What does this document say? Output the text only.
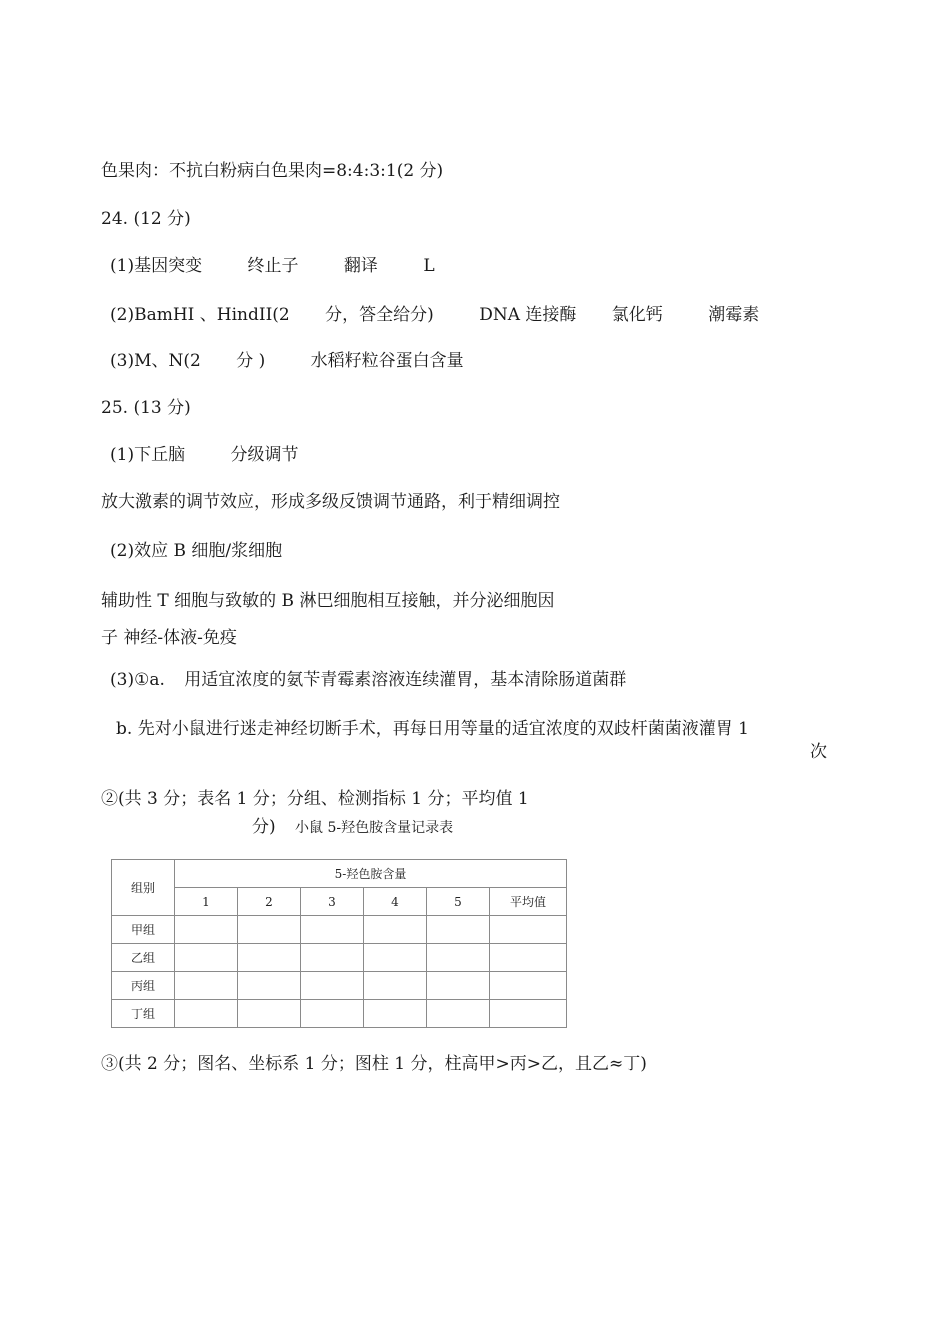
色果肉：不抗白粉病白色果肉=8:4:3:1(2 分)
24. (12 分)
(1)基因突变	终止子	翻译	L
(2)BamHI 、HindII(2 分，答全给分)	DNA 连接酶 氯化钙	潮霉素
(3)M、N(2 分 )	水稻籽粒谷蛋白含量
25. (13 分)
(1)下丘脑	分级调节
放大激素的调节效应，形成多级反馈调节通路，利于精细调控
(2)效应 B 细胞/浆细胞
辅助性 T 细胞与致敏的 B 淋巴细胞相互接触，并分泌细胞因
子 神经-体液-免疫
(3)①a. 用适宜浓度的氨苄青霉素溶液连续灌胃，基本清除肠道菌群
b. 先对小鼠进行迷走神经切断手术，再每日用等量的适宜浓度的双歧杆菌菌液灌胃 1
次
②(共 3 分；表名 1 分；分组、检测指标 1 分；平均值 1
分) 小鼠 5-羟色胺含量记录表
组别	5-羟色胺含量					
	1	2	3	4	5	平均值
甲组						
乙组						
丙组						
丁组						
③(共 2 分；图名、坐标系 1 分；图柱 1 分，柱高甲>丙>乙，且乙≈丁)
